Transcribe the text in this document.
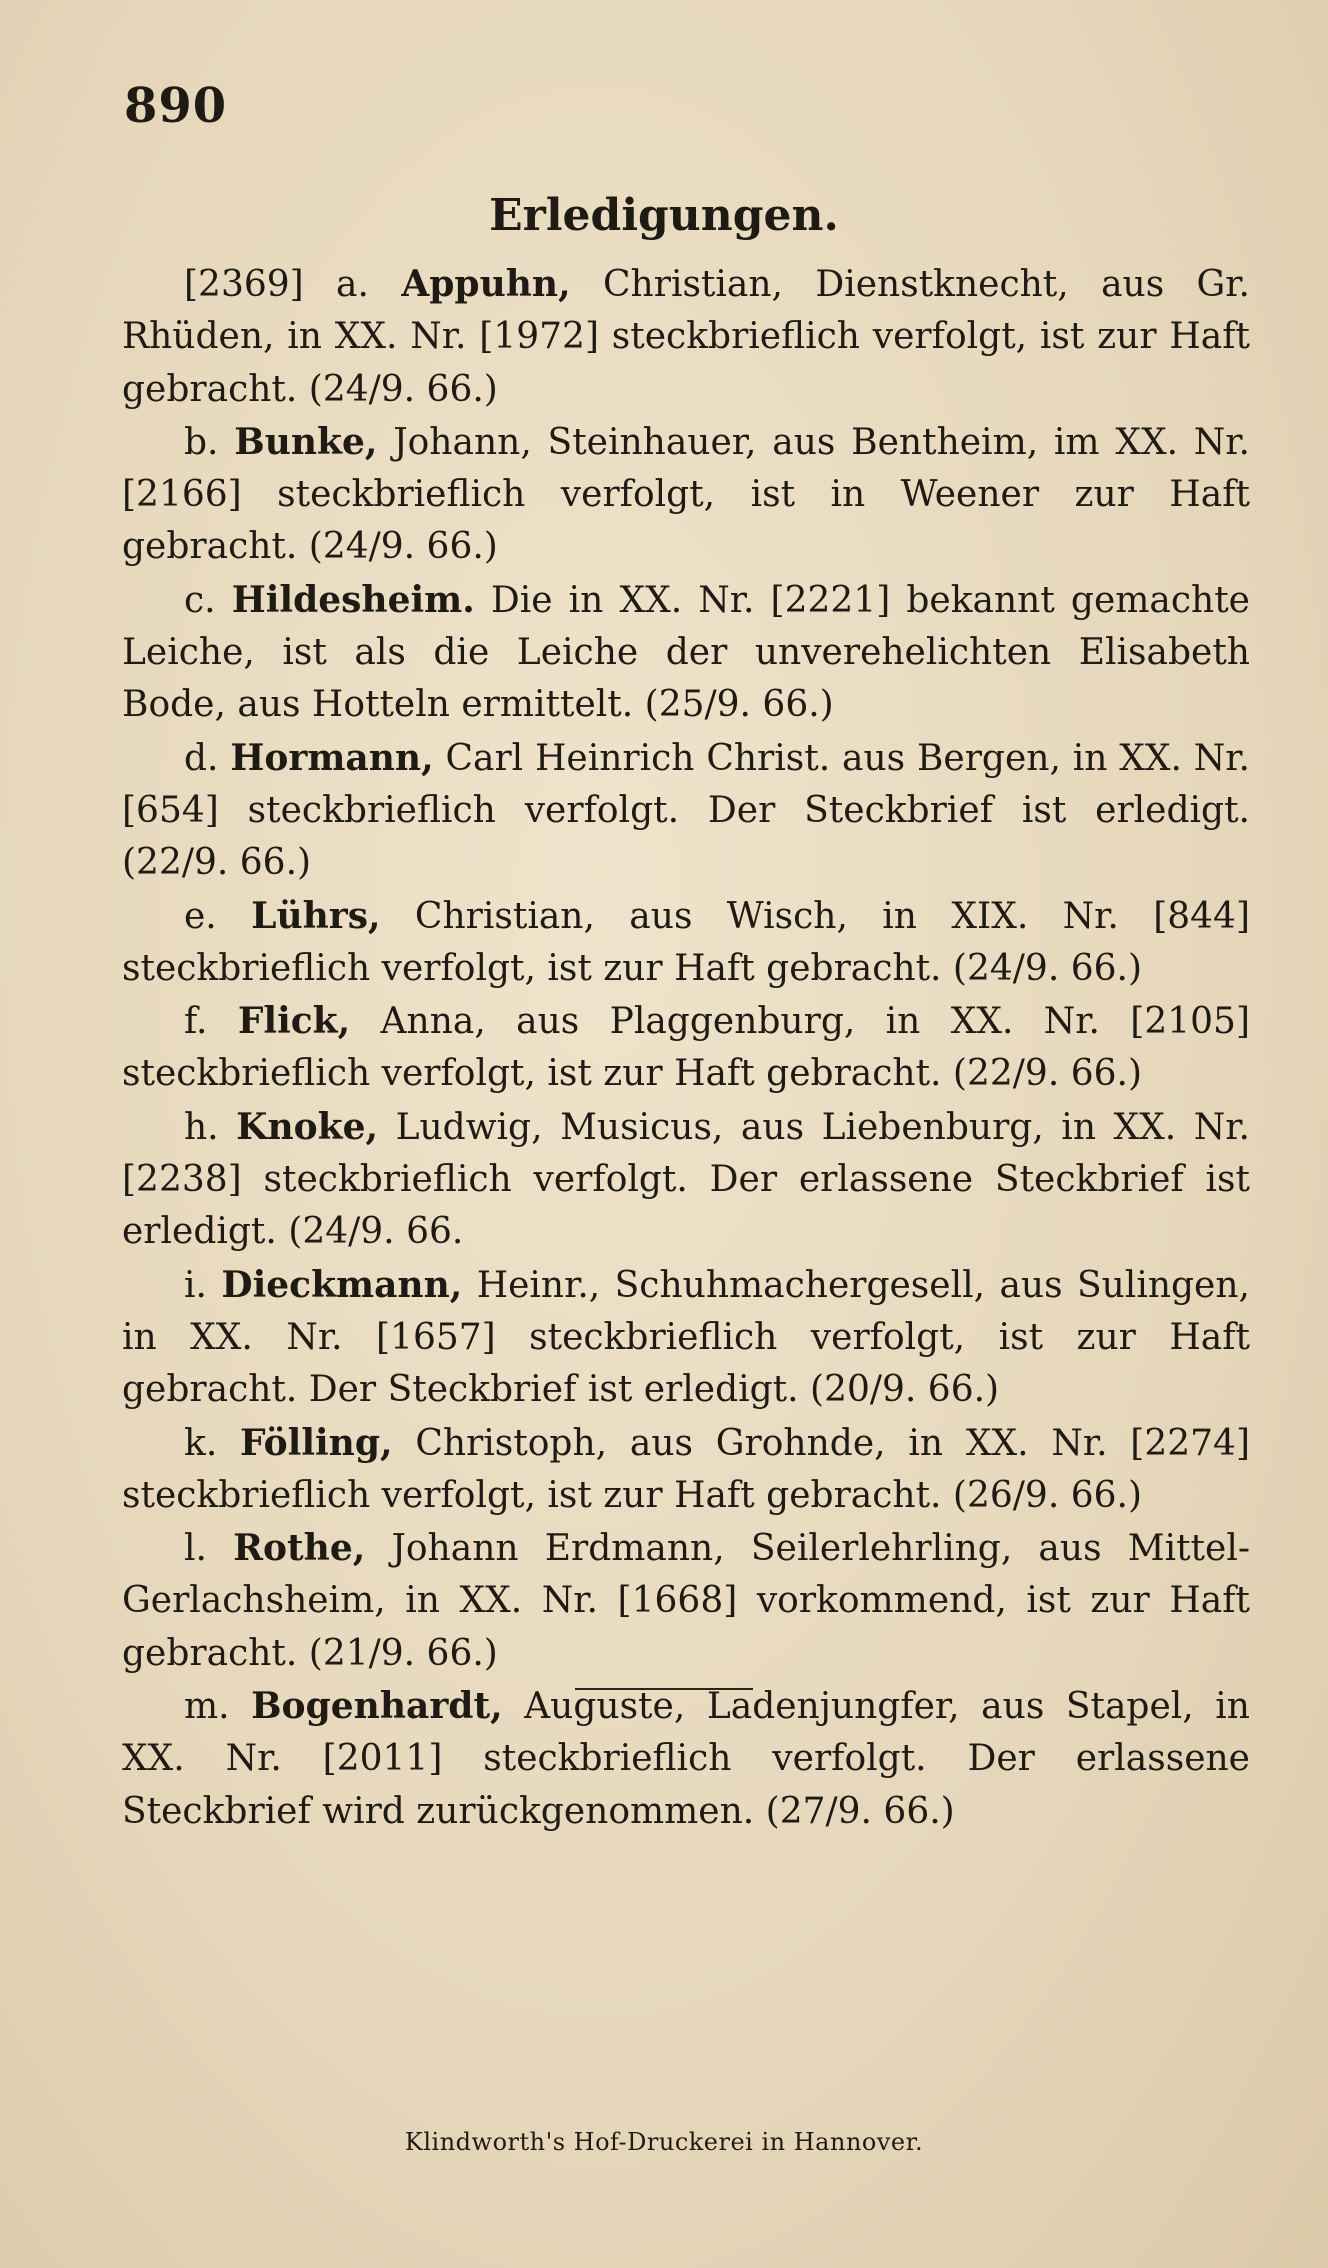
890
Erledigungen.

[2369] a. Appuhn, Christian, Dienstknecht, aus Gr. Rhüden, in XX. Nr. [1972] steckbrieflich verfolgt, ist zur Haft gebracht. (24/9. 66.)

b. Bunke, Johann, Steinhauer, aus Bentheim, im XX. Nr. [2166] steckbrieflich verfolgt, ist in Weener zur Haft gebracht. (24/9. 66.)

c. Hildesheim. Die in XX. Nr. [2221] bekannt gemachte Leiche, ist als die Leiche der unverehelichten Elisabeth Bode, aus Hotteln ermittelt. (25/9. 66.)

d. Hormann, Carl Heinrich Christ. aus Bergen, in XX. Nr. [654] steckbrieflich verfolgt. Der Steckbrief ist erledigt. (22/9. 66.)

e. Lührs, Christian, aus Wisch, in XIX. Nr. [844] steckbrieflich verfolgt, ist zur Haft gebracht. (24/9. 66.)

f. Flick, Anna, aus Plaggenburg, in XX. Nr. [2105] steckbrieflich verfolgt, ist zur Haft gebracht. (22/9. 66.)

h. Knoke, Ludwig, Musicus, aus Liebenburg, in XX. Nr. [2238] steckbrieflich verfolgt. Der erlassene Steckbrief ist erledigt. (24/9. 66.

i. Dieckmann, Heinr., Schuhmachergesell, aus Sulingen, in XX. Nr. [1657] steckbrieflich verfolgt, ist zur Haft gebracht. Der Steckbrief ist erledigt. (20/9. 66.)

k. Fölling, Christoph, aus Grohnde, in XX. Nr. [2274] steckbrieflich verfolgt, ist zur Haft gebracht. (26/9. 66.)

l. Rothe, Johann Erdmann, Seilerlehrling, aus Mittel-Gerlachsheim, in XX. Nr. [1668] vorkommend, ist zur Haft gebracht. (21/9. 66.)

m. Bogenhardt, Auguste, Ladenjungfer, aus Stapel, in XX. Nr. [2011] steckbrieflich verfolgt. Der erlassene Steckbrief wird zurückgenommen. (27/9. 66.)

Klindworth's Hof-Druckerei in Hannover.
